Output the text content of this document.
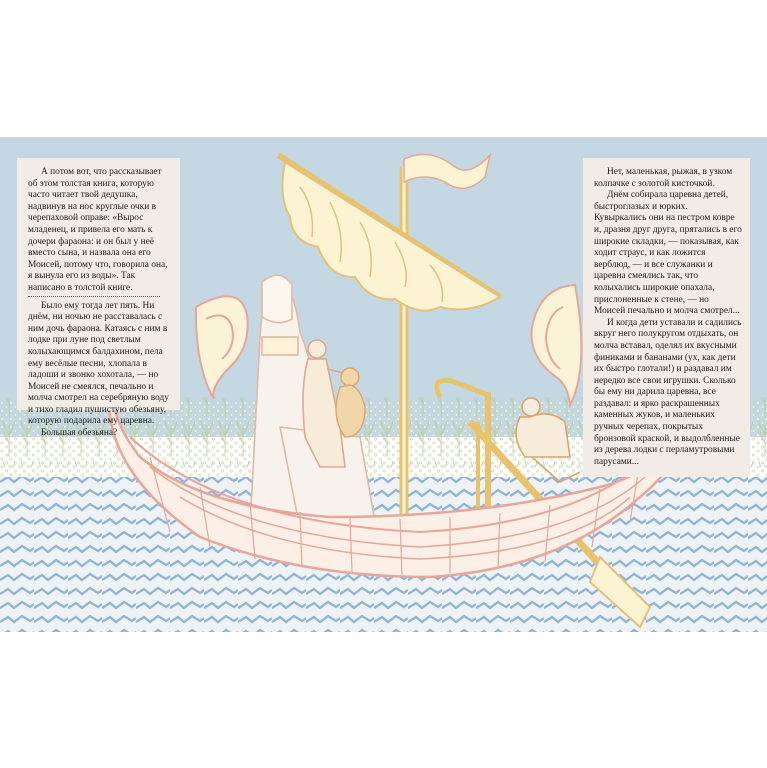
А потом вот, что рассказывает об этом толстая книга, которую часто читает твой дедушка, надвинув на нос круглые очки в черепаховой оправе: «Вырос младенец, и привела его мать к дочери фараона: и он был у неё вместо сына, и назвала она его Моисей, потому что, говорила она, я вынула его из воды». Так написано в толстой книге.

Было ему тогда лет пять. Ни днём, ни ночью не расставалась с ним дочь фараона. Катаясь с ним в лодке при луне под светлым колыхающимся балдахином, пела ему весёлые песни, хлопала в ладоши и звонко хохотала, — но Моисей не смеялся, печально и молча смотрел на серебряную воду и тихо гладил пушистую обезьяну, которую подарила ему царевна.

Большая обезьяна?

Нет, маленькая, рыжая, в узком колпачке с золотой кисточкой.

Днём собирала царевна детей, быстроглазых и юрких. Кувыркались они на пестром ковре и, дразня друг друга, прятались в его широкие складки, — показывая, как ходит страус, и как ложится верблюд, — и все служанки и царевна смеялись так, что колыхались широкие опахала, прислоненные к стене, — но Моисей печально и молча смотрел...

И когда дети уставали и садились вкруг него полукругом отдыхать, он молча вставал, оделял их вкусными финиками и бананами (ух, как дети их быстро глотали!) и раздавал им нередко все свои игрушки. Сколько бы ему ни дарила царевна, все раздавал: и ярко раскрашенных каменных жуков, и маленьких ручных черепах, покрытых бронзовой краской, и выдолбленные из дерева лодки с перламутровыми парусами...
